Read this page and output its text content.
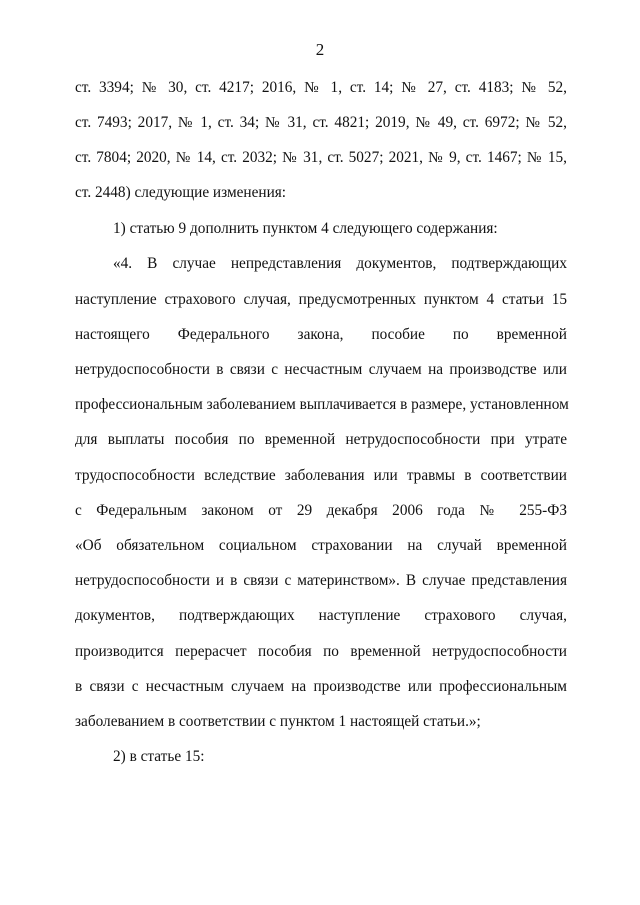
2
ст. 3394; № 30, ст. 4217; 2016, № 1, ст. 14; № 27, ст. 4183; № 52,
ст. 7493; 2017, № 1, ст. 34; № 31, ст. 4821; 2019, № 49, ст. 6972; № 52,
ст. 7804; 2020, № 14, ст. 2032; № 31, ст. 5027; 2021, № 9, ст. 1467; № 15,
ст. 2448) следующие изменения:
1) статью 9 дополнить пунктом 4 следующего содержания:
«4. В случае непредставления документов, подтверждающих
наступление страхового случая, предусмотренных пунктом 4 статьи 15
настоящего Федерального закона, пособие по временной
нетрудоспособности в связи с несчастным случаем на производстве или
профессиональным заболеванием выплачивается в размере, установленном
для выплаты пособия по временной нетрудоспособности при утрате
трудоспособности вследствие заболевания или травмы в соответствии
с Федеральным законом от 29 декабря 2006 года № 255-ФЗ
«Об обязательном социальном страховании на случай временной
нетрудоспособности и в связи с материнством». В случае представления
документов, подтверждающих наступление страхового случая,
производится перерасчет пособия по временной нетрудоспособности
в связи с несчастным случаем на производстве или профессиональным
заболеванием в соответствии с пунктом 1 настоящей статьи.»;
2) в статье 15:
